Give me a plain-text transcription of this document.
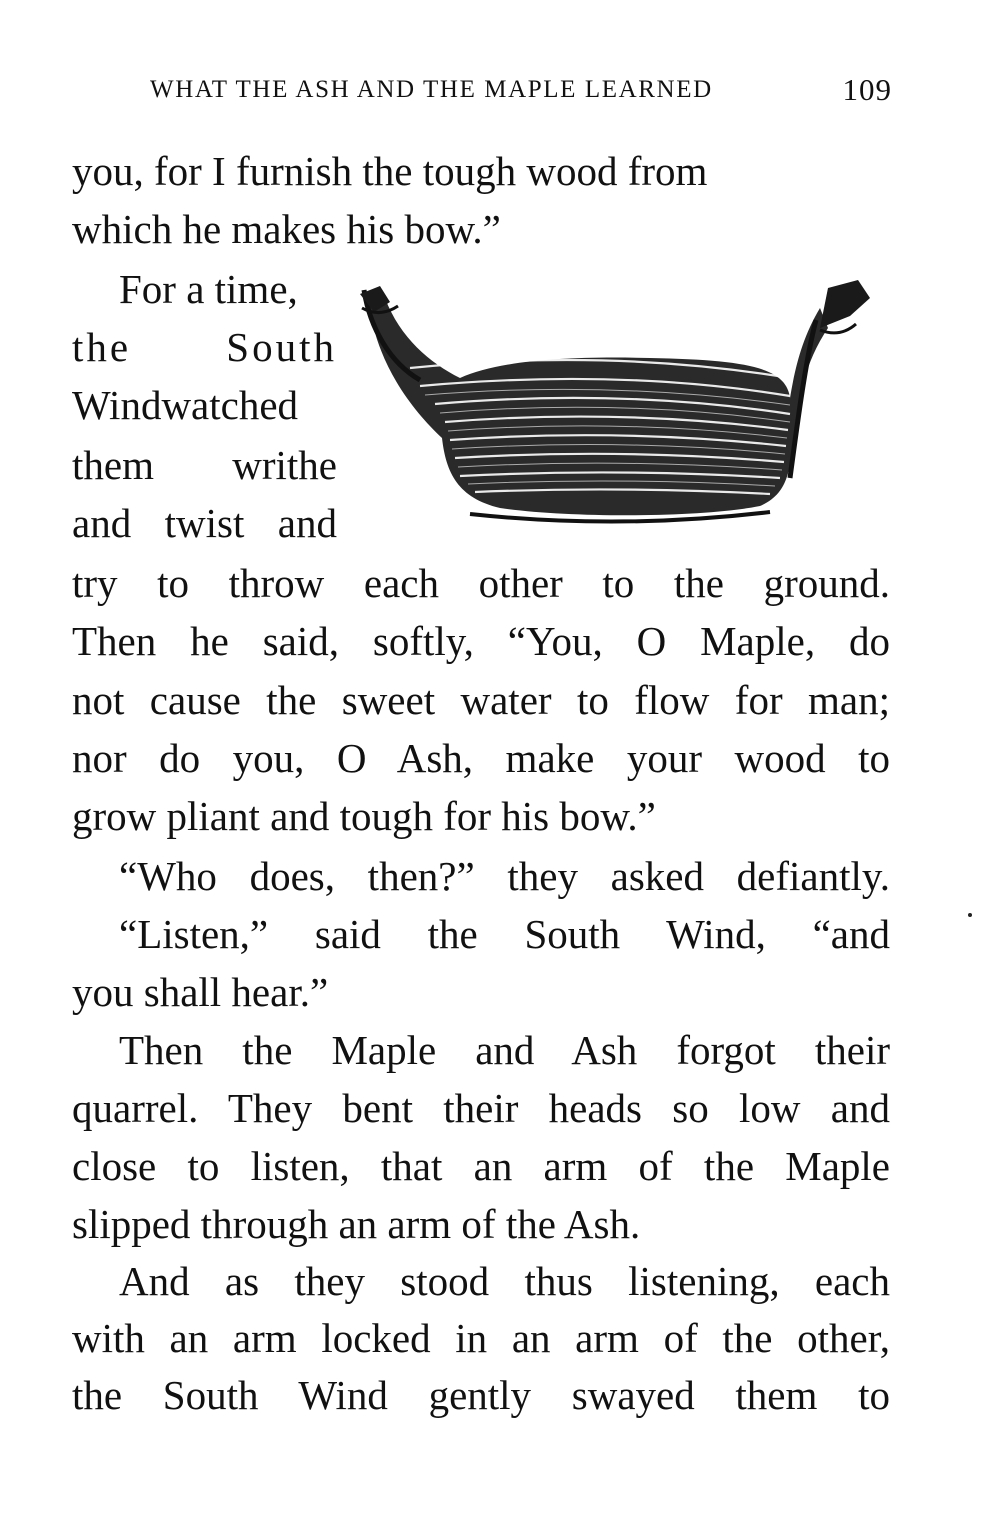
WHAT THE ASH AND THE MAPLE LEARNED	109
you, for I furnish the tough wood from
which he makes his bow.”
For a time,
the South
Windwatched
them writhe
and twist and
try to throw each other to the ground.
Then he said, softly, “You, O Maple, do
not cause the sweet water to flow for man;
nor do you, O Ash, make your wood to
grow pliant and tough for his bow.”
“Who does, then?” they asked defiantly.
“Listen,” said the South Wind, “and
you shall hear.”
Then the Maple and Ash forgot their
quarrel. They bent their heads so low and
close to listen, that an arm of the Maple
slipped through an arm of the Ash.
And as they stood thus listening, each
with an arm locked in an arm of the other,
the South Wind gently swayed them to
